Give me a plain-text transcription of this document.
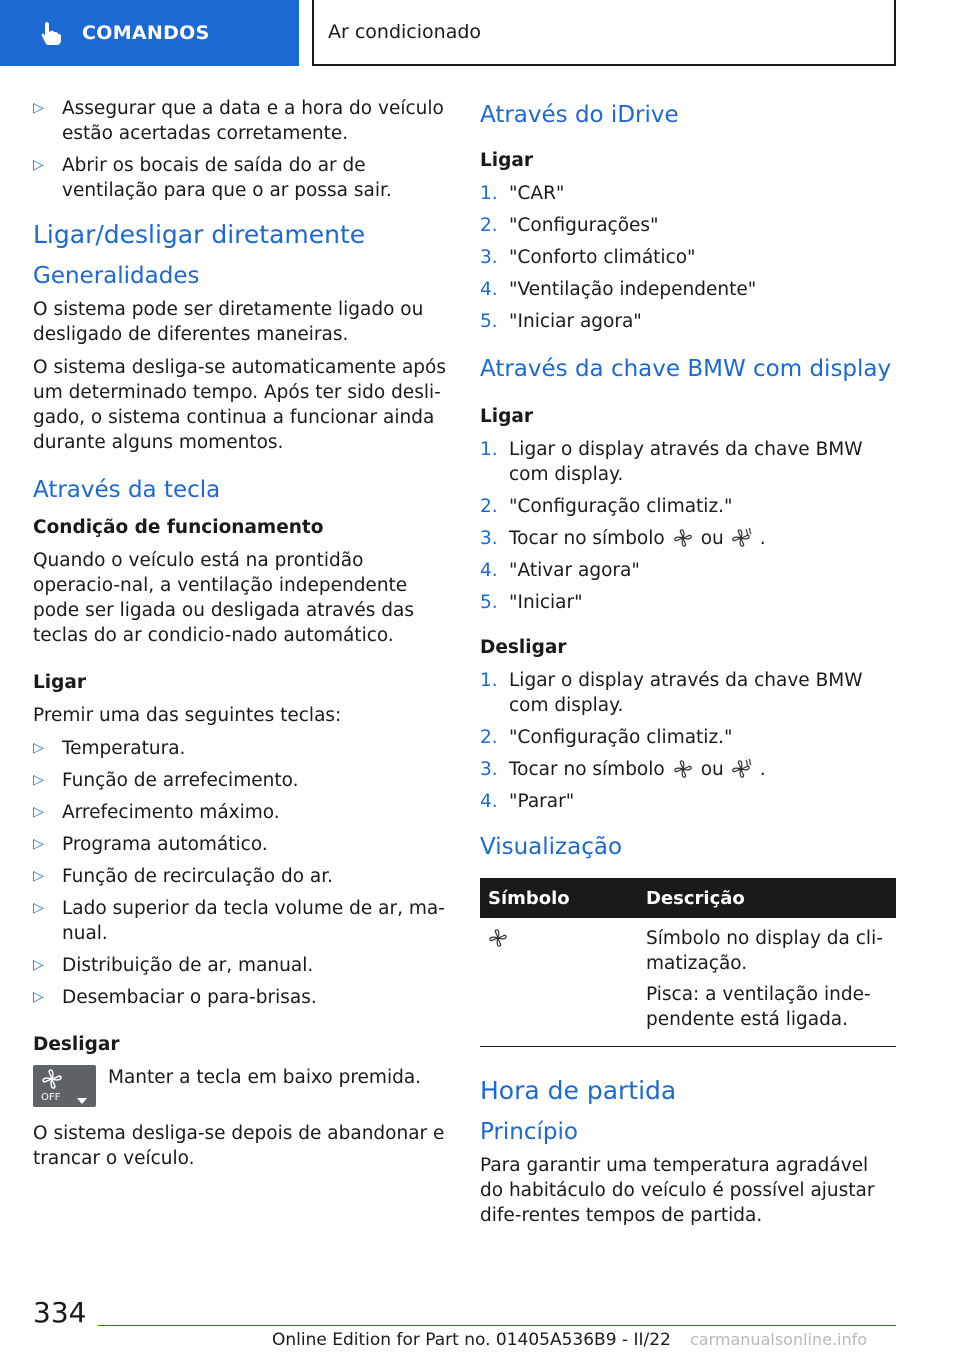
COMANDOS	Ar condicionado
▷ Assegurar que a data e a hora do veículo estão acertadas corretamente.
▷ Abrir os bocais de saída do ar de ventilação para que o ar possa sair.
Ligar/desligar diretamente
Generalidades

O sistema pode ser diretamente ligado ou desligado de diferentes maneiras.

O sistema desliga-se automaticamente após um determinado tempo. Após ter sido desli-gado, o sistema continua a funcionar ainda durante alguns momentos.

Através da tecla
Condição de funcionamento

Quando o veículo está na prontidão operacio-nal, a ventilação independente pode ser ligada ou desligada através das teclas do ar condicio-nado automático.

Ligar

Premir uma das seguintes teclas:

▷ Temperatura.
▷ Função de arrefecimento.
▷ Arrefecimento máximo.
▷ Programa automático.
▷ Função de recirculação do ar.
▷ Lado superior da tecla volume de ar, ma-nual.
▷ Distribuição de ar, manual.
▷ Desembaciar o para-brisas.
Desligar
OFF
Manter a tecla em baixo premida.

O sistema desliga-se depois de abandonar e trancar o veículo.

Através do iDrive
Ligar
1. "CAR"
2. "Configurações"
3. "Conforto climático"
4. "Ventilação independente"
5. "Iniciar agora"
Através da chave BMW com display
Ligar
1. Ligar o display através da chave BMW com display.
2. "Configuração climatiz."
3. Tocar no símbolo ou .
4. "Ativar agora"
5. "Iniciar"
Desligar
1. Ligar o display através da chave BMW com display.
2. "Configuração climatiz."
3. Tocar no símbolo ou .
4. "Parar"
Visualização
Símbolo	Descrição

Símbolo no display da cli-matização.

Pisca: a ventilação inde-pendente está ligada.

Hora de partida
Princípio

Para garantir uma temperatura agradável do habitáculo do veículo é possível ajustar dife-rentes tempos de partida.

334
Online Edition for Part no. 01405A536B9 - II/22 carmanualsonline.info
